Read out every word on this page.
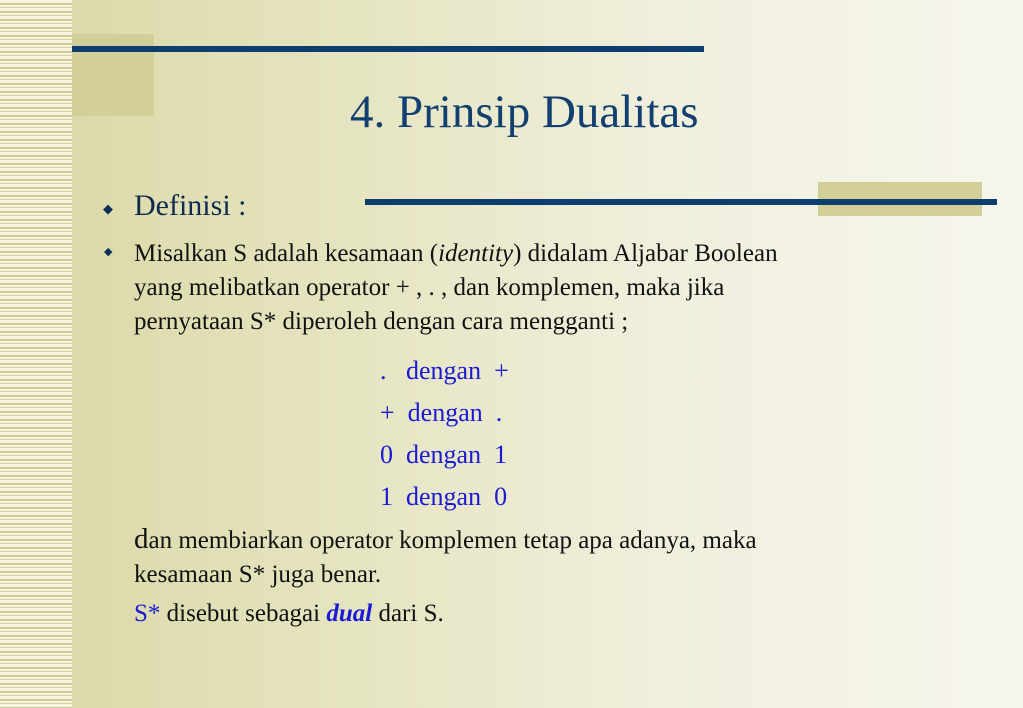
4. Prinsip Dualitas
◆ Definisi :
◆ Misalkan S adalah kesamaan (identity) didalam Aljabar Boolean
yang melibatkan operator + , . , dan komplemen, maka jika
pernyataan S* diperoleh dengan cara mengganti ;
.   dengan  +
+  dengan  .
0  dengan  1
1  dengan  0
dan membiarkan operator komplemen tetap apa adanya, maka
kesamaan S* juga benar.
S* disebut sebagai dual dari S.
